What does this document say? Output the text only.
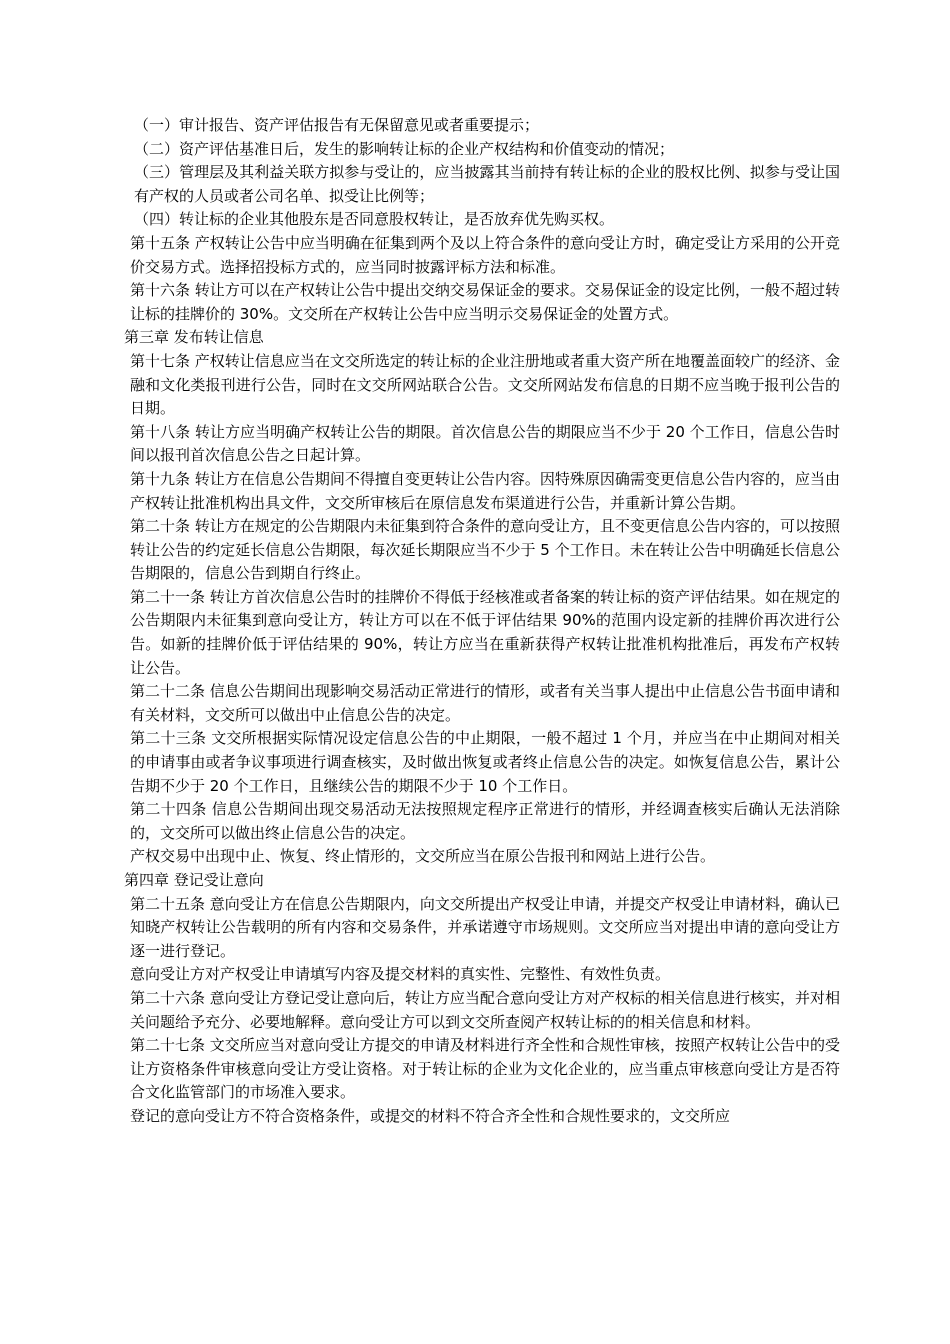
（一）审计报告、资产评估报告有无保留意见或者重要提示；

（二）资产评估基准日后，发生的影响转让标的企业产权结构和价值变动的情况；

（三）管理层及其利益关联方拟参与受让的，应当披露其当前持有转让标的企业的股权比例、拟参与受让国有产权的人员或者公司名单、拟受让比例等；

（四）转让标的企业其他股东是否同意股权转让，是否放弃优先购买权。

第十五条 产权转让公告中应当明确在征集到两个及以上符合条件的意向受让方时，确定受让方采用的公开竞价交易方式。选择招投标方式的，应当同时披露评标方法和标准。

第十六条 转让方可以在产权转让公告中提出交纳交易保证金的要求。交易保证金的设定比例，一般不超过转让标的挂牌价的 30%。文交所在产权转让公告中应当明示交易保证金的处置方式。

第三章 发布转让信息

第十七条 产权转让信息应当在文交所选定的转让标的企业注册地或者重大资产所在地覆盖面较广的经济、金融和文化类报刊进行公告，同时在文交所网站联合公告。文交所网站发布信息的日期不应当晚于报刊公告的日期。

第十八条 转让方应当明确产权转让公告的期限。首次信息公告的期限应当不少于 20 个工作日，信息公告时间以报刊首次信息公告之日起计算。

第十九条 转让方在信息公告期间不得擅自变更转让公告内容。因特殊原因确需变更信息公告内容的，应当由产权转让批准机构出具文件，文交所审核后在原信息发布渠道进行公告，并重新计算公告期。

第二十条 转让方在规定的公告期限内未征集到符合条件的意向受让方，且不变更信息公告内容的，可以按照转让公告的约定延长信息公告期限，每次延长期限应当不少于 5 个工作日。未在转让公告中明确延长信息公告期限的，信息公告到期自行终止。

第二十一条 转让方首次信息公告时的挂牌价不得低于经核准或者备案的转让标的资产评估结果。如在规定的公告期限内未征集到意向受让方，转让方可以在不低于评估结果 90%的范围内设定新的挂牌价再次进行公告。如新的挂牌价低于评估结果的 90%，转让方应当在重新获得产权转让批准机构批准后，再发布产权转让公告。

第二十二条 信息公告期间出现影响交易活动正常进行的情形，或者有关当事人提出中止信息公告书面申请和有关材料，文交所可以做出中止信息公告的决定。

第二十三条 文交所根据实际情况设定信息公告的中止期限，一般不超过 1 个月，并应当在中止期间对相关的申请事由或者争议事项进行调查核实，及时做出恢复或者终止信息公告的决定。如恢复信息公告，累计公告期不少于 20 个工作日，且继续公告的期限不少于 10 个工作日。

第二十四条 信息公告期间出现交易活动无法按照规定程序正常进行的情形，并经调查核实后确认无法消除的，文交所可以做出终止信息公告的决定。

产权交易中出现中止、恢复、终止情形的，文交所应当在原公告报刊和网站上进行公告。

第四章 登记受让意向

第二十五条 意向受让方在信息公告期限内，向文交所提出产权受让申请，并提交产权受让申请材料，确认已知晓产权转让公告载明的所有内容和交易条件，并承诺遵守市场规则。文交所应当对提出申请的意向受让方逐一进行登记。

意向受让方对产权受让申请填写内容及提交材料的真实性、完整性、有效性负责。

第二十六条 意向受让方登记受让意向后，转让方应当配合意向受让方对产权标的相关信息进行核实，并对相关问题给予充分、必要地解释。意向受让方可以到文交所查阅产权转让标的的相关信息和材料。

第二十七条 文交所应当对意向受让方提交的申请及材料进行齐全性和合规性审核，按照产权转让公告中的受让方资格条件审核意向受让方受让资格。对于转让标的企业为文化企业的，应当重点审核意向受让方是否符合文化监管部门的市场准入要求。

登记的意向受让方不符合资格条件，或提交的材料不符合齐全性和合规性要求的，文交所应
